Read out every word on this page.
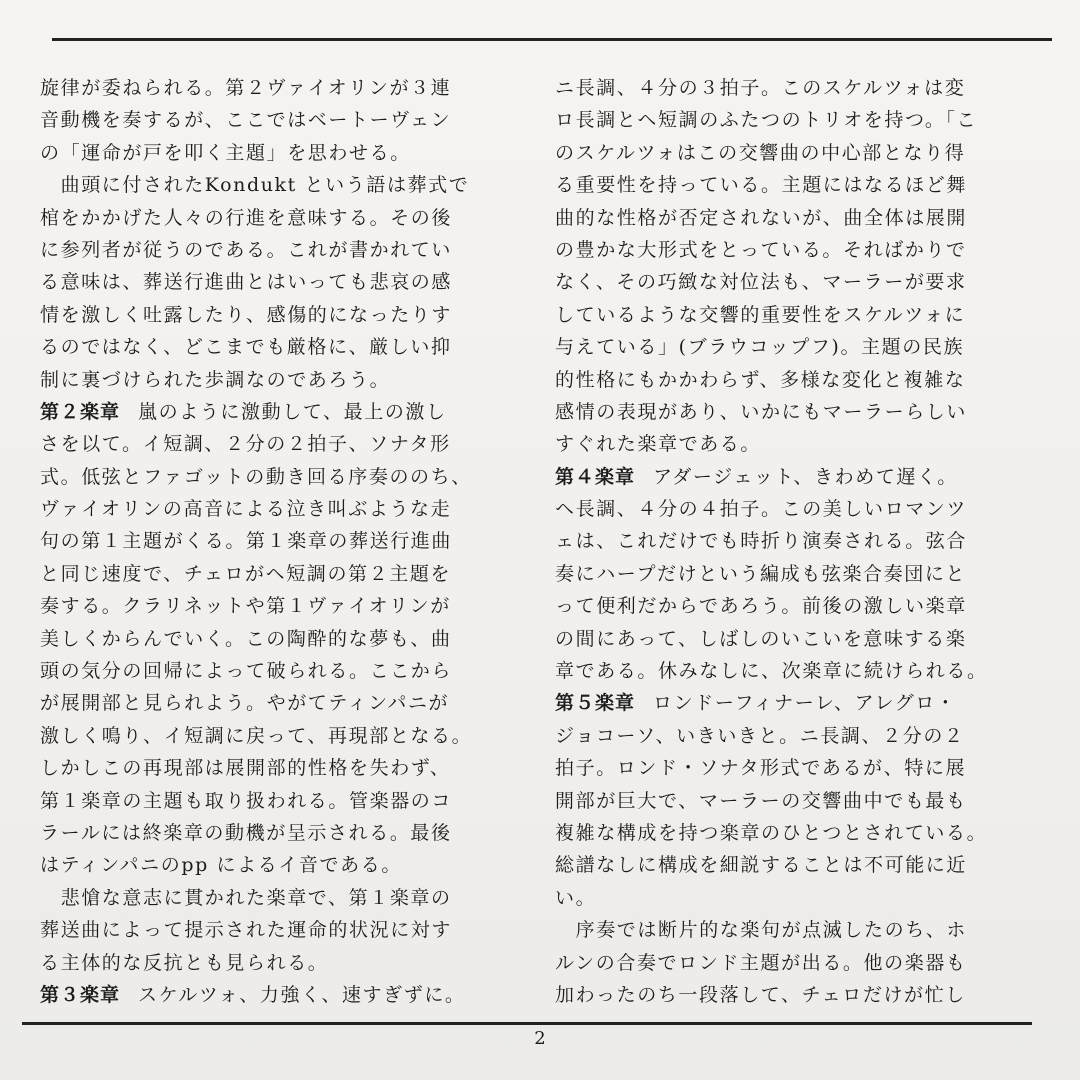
旋律が委ねられる。第２ヴァイオリンが３連
音動機を奏するが、ここではベートーヴェン
の「運命が戸を叩く主題」を思わせる。
　曲頭に付されたKondukt という語は葬式で
棺をかかげた人々の行進を意味する。その後
に参列者が従うのである。これが書かれてい
る意味は、葬送行進曲とはいっても悲哀の感
情を激しく吐露したり、感傷的になったりす
るのではなく、どこまでも厳格に、厳しい抑
制に裏づけられた歩調なのであろう。
第２楽章 嵐のように激動して、最上の激し
さを以て。イ短調、２分の２拍子、ソナタ形
式。低弦とファゴットの動き回る序奏ののち、
ヴァイオリンの高音による泣き叫ぶような走
句の第１主題がくる。第１楽章の葬送行進曲
と同じ速度で、チェロがヘ短調の第２主題を
奏する。クラリネットや第１ヴァイオリンが
美しくからんでいく。この陶酔的な夢も、曲
頭の気分の回帰によって破られる。ここから
が展開部と見られよう。やがてティンパニが
激しく鳴り、イ短調に戻って、再現部となる。
しかしこの再現部は展開部的性格を失わず、
第１楽章の主題も取り扱われる。管楽器のコ
ラールには終楽章の動機が呈示される。最後
はティンパニのpp によるイ音である。
　悲愴な意志に貫かれた楽章で、第１楽章の
葬送曲によって提示された運命的状況に対す
る主体的な反抗とも見られる。
第３楽章 スケルツォ、力強く、速すぎずに。
ニ長調、４分の３拍子。このスケルツォは変
ロ長調とヘ短調のふたつのトリオを持つ。「こ
のスケルツォはこの交響曲の中心部となり得
る重要性を持っている。主題にはなるほど舞
曲的な性格が否定されないが、曲全体は展開
の豊かな大形式をとっている。そればかりで
なく、その巧緻な対位法も、マーラーが要求
しているような交響的重要性をスケルツォに
与えている」(ブラウコップフ)。主題の民族
的性格にもかかわらず、多様な変化と複雑な
感情の表現があり、いかにもマーラーらしい
すぐれた楽章である。
第４楽章 アダージェット、きわめて遅く。
ヘ長調、４分の４拍子。この美しいロマンツ
ェは、これだけでも時折り演奏される。弦合
奏にハープだけという編成も弦楽合奏団にと
って便利だからであろう。前後の激しい楽章
の間にあって、しばしのいこいを意味する楽
章である。休みなしに、次楽章に続けられる。
第５楽章 ロンドーフィナーレ、アレグロ・
ジョコーソ、いきいきと。ニ長調、２分の２
拍子。ロンド・ソナタ形式であるが、特に展
開部が巨大で、マーラーの交響曲中でも最も
複雑な構成を持つ楽章のひとつとされている。
総譜なしに構成を細説することは不可能に近
い。
　序奏では断片的な楽句が点滅したのち、ホ
ルンの合奏でロンド主題が出る。他の楽器も
加わったのち一段落して、チェロだけが忙し
2
